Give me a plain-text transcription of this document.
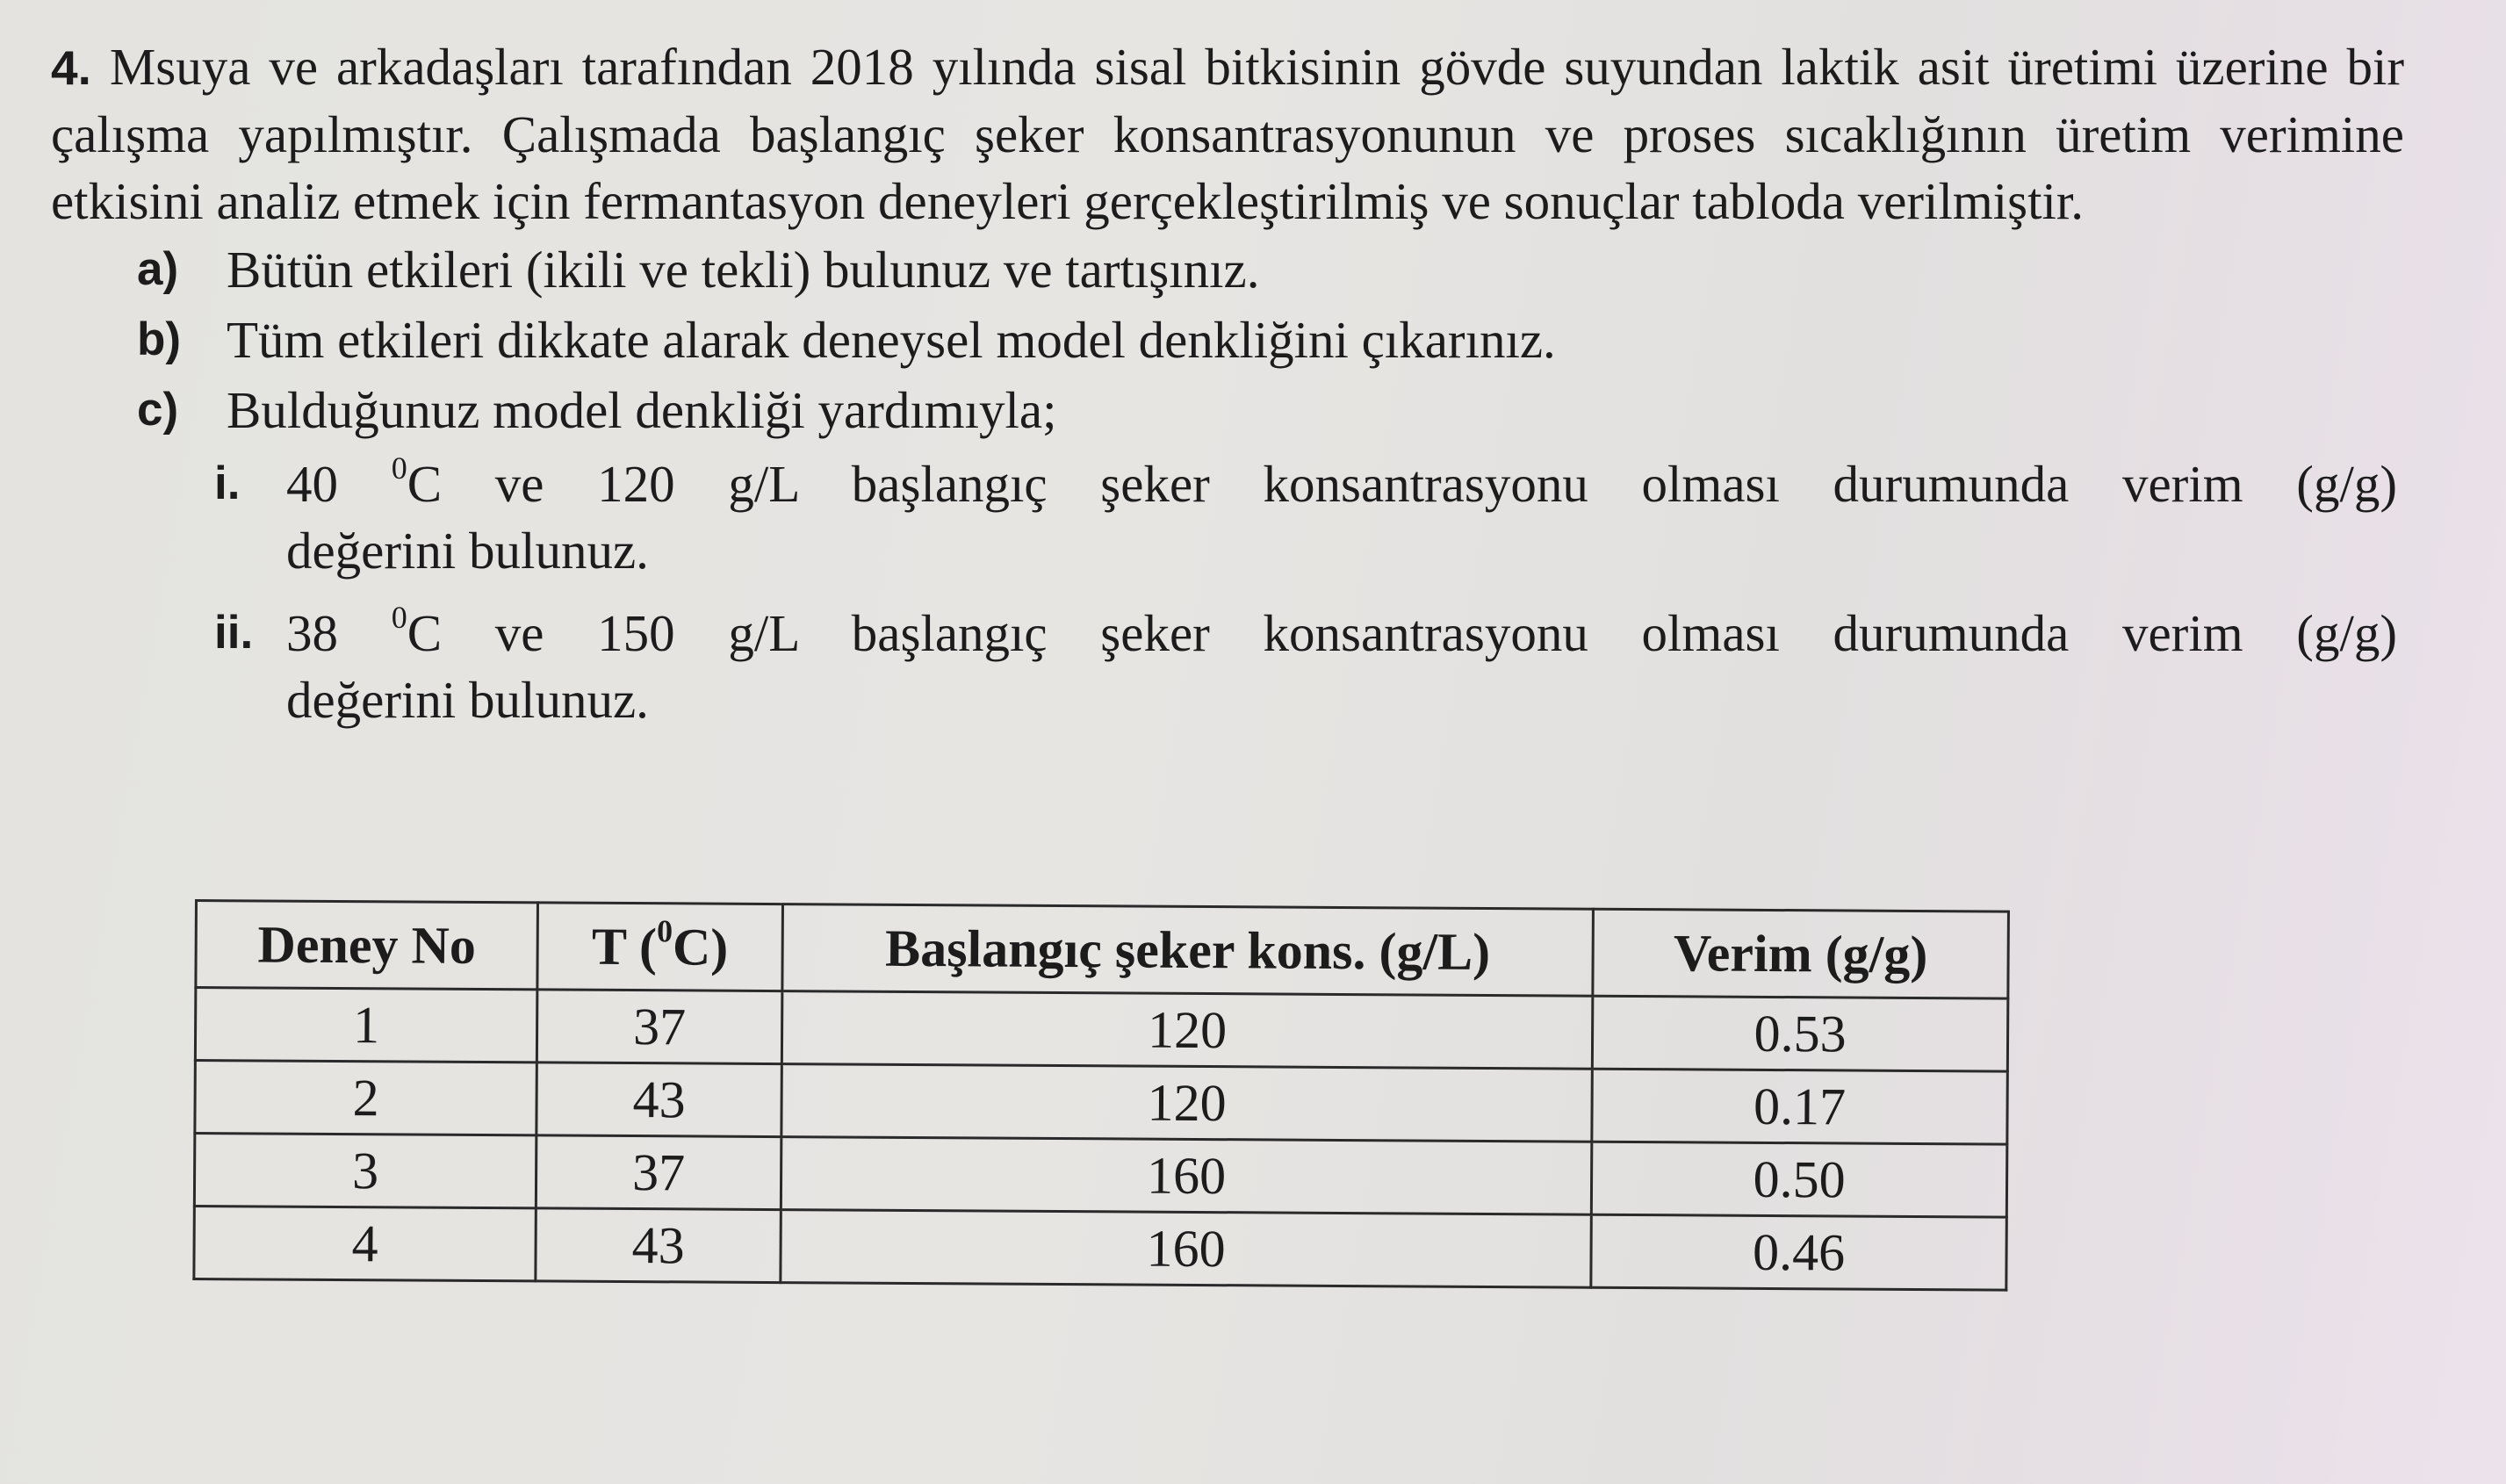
4. Msuya ve arkadaşları tarafından 2018 yılında sisal bitkisinin gövde suyundan laktik asit üretimi üzerine bir çalışma yapılmıştır. Çalışmada başlangıç şeker konsantrasyonunun ve proses sıcaklığının üretim verimine etkisini analiz etmek için fermantasyon deneyleri gerçekleştirilmiş ve sonuçlar tabloda verilmiştir.

a) Bütün etkileri (ikili ve tekli) bulunuz ve tartışınız.
b) Tüm etkileri dikkate alarak deneysel model denkliğini çıkarınız.
c) Bulduğunuz model denkliği yardımıyla;
i. 40 $^0$C ve 120 g/L başlangıç şeker konsantrasyonu olması durumunda verim (g/g)
değerini bulunuz.
ii. 38 $^0$C ve 150 g/L başlangıç şeker konsantrasyonu olması durumunda verim (g/g)
değerini bulunuz.
Deney No	T ($^0$C)	Başlangıç şeker kons. (g/L)	Verim (g/g)
1	37	120	0.53
2	43	120	0.17
3	37	160	0.50
4	43	160	0.46
